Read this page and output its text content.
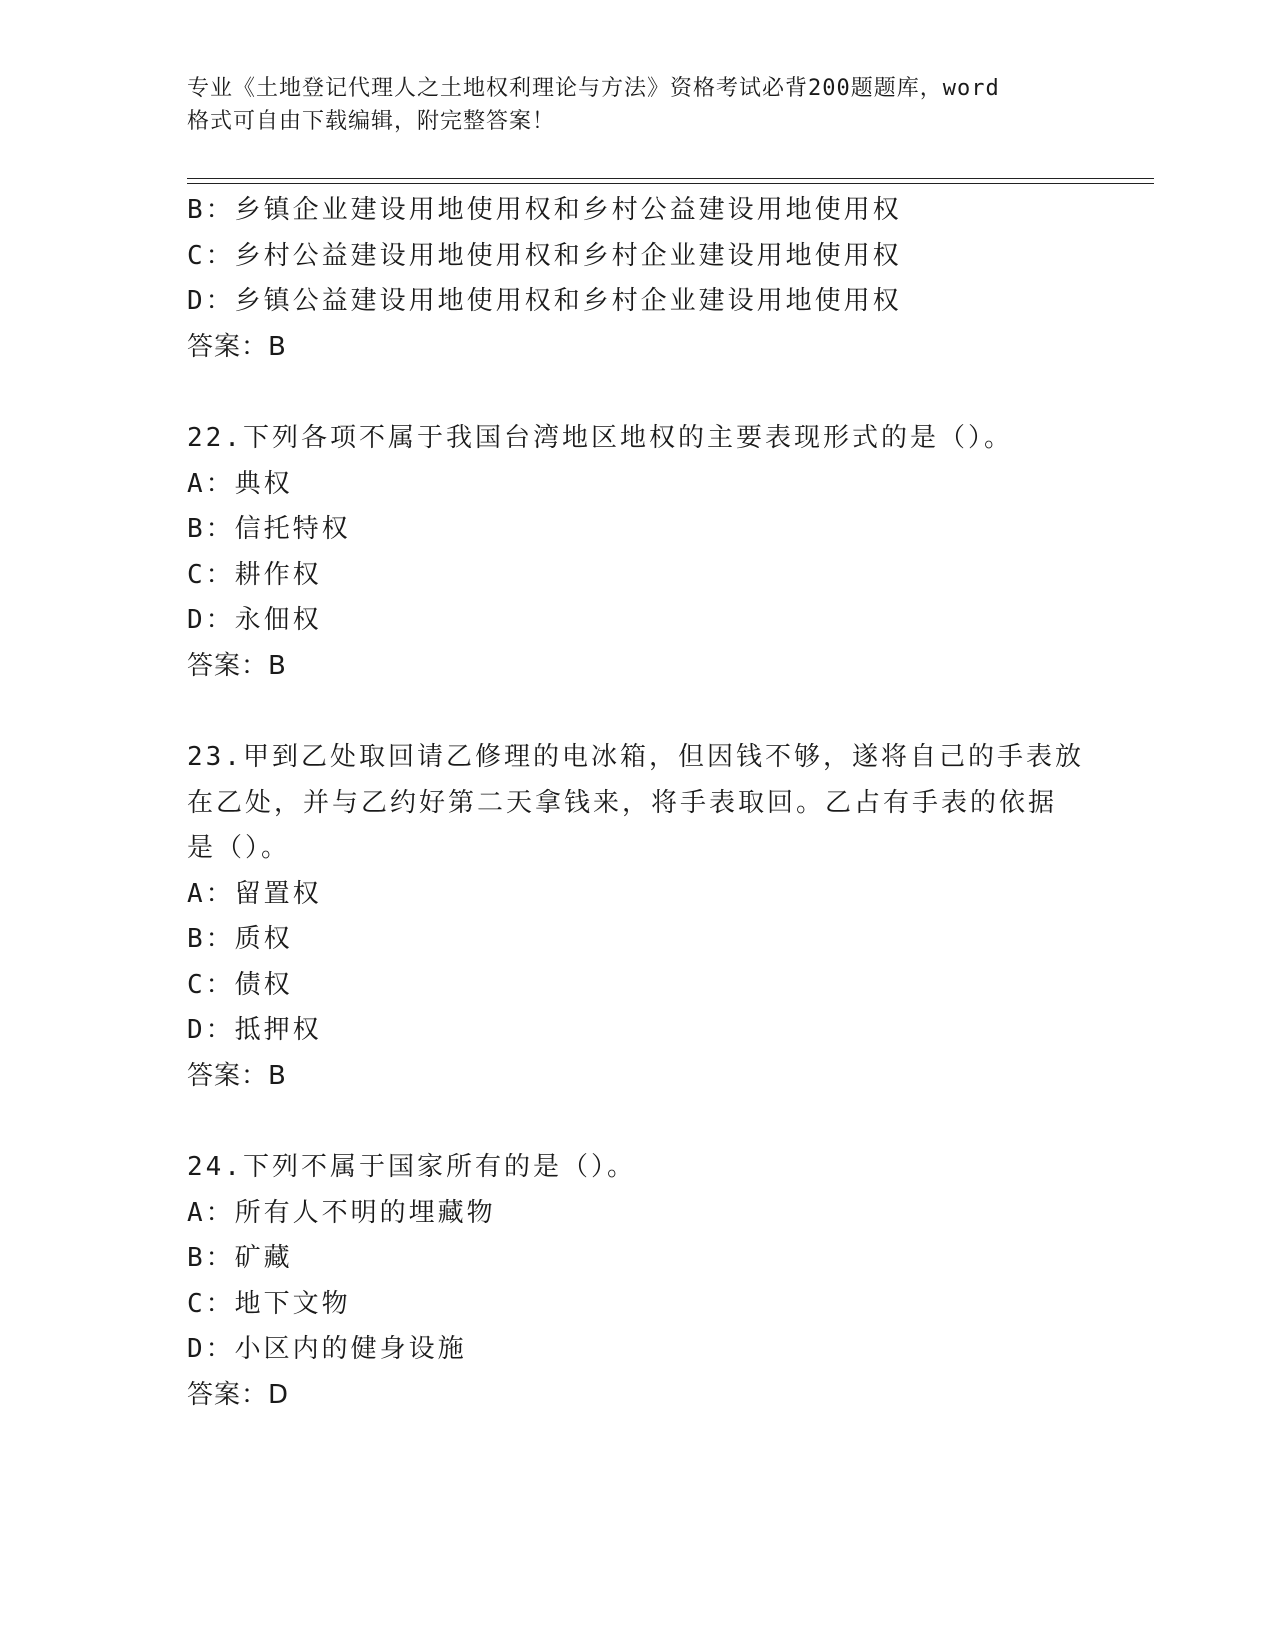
专业《土地登记代理人之土地权利理论与方法》资格考试必背200题题库，word
格式可自由下载编辑，附完整答案！
B：乡镇企业建设用地使用权和乡村公益建设用地使用权
C：乡村公益建设用地使用权和乡村企业建设用地使用权
D：乡镇公益建设用地使用权和乡村企业建设用地使用权
答案：B
22.下列各项不属于我国台湾地区地权的主要表现形式的是（）。
A：典权
B：信托特权
C：耕作权
D：永佃权
答案：B
23.甲到乙处取回请乙修理的电冰箱，但因钱不够，遂将自己的手表放
在乙处，并与乙约好第二天拿钱来，将手表取回。乙占有手表的依据
是（）。
A：留置权
B：质权
C：债权
D：抵押权
答案：B
24.下列不属于国家所有的是（）。
A：所有人不明的埋藏物
B：矿藏
C：地下文物
D：小区内的健身设施
答案：D
